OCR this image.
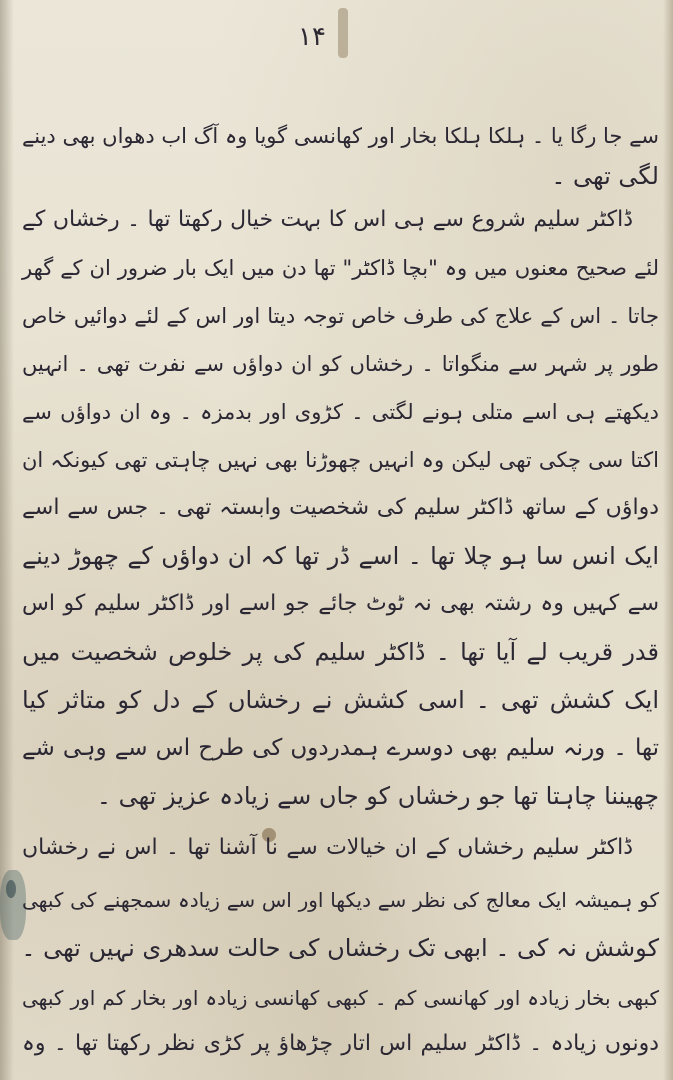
۱۴
سے جا رگا یا ۔ ہلکا ہلکا بخار اور کھانسی گویا وہ آگ اب دھواں بھی دینے
لگی تھی ۔
ڈاکٹر سلیم شروع سے ہی اس کا بہت خیال رکھتا تھا ۔ رخشاں کے
لئے صحیح معنوں میں وہ "بچا ڈاکٹر" تھا دن میں ایک بار ضرور ان کے گھر
جاتا ۔ اس کے علاج کی طرف خاص توجہ دیتا اور اس کے لئے دوائیں خاص
طور پر شہر سے منگواتا ۔ رخشاں کو ان دواؤں سے نفرت تھی ۔ انہیں
دیکھتے ہی اسے متلی ہونے لگتی ۔ کڑوی اور بدمزہ ۔ وہ ان دواؤں سے
اکتا سی چکی تھی لیکن وہ انہیں چھوڑنا بھی نہیں چاہتی تھی کیونکہ ان
دواؤں کے ساتھ ڈاکٹر سلیم کی شخصیت وابستہ تھی ۔ جس سے اسے
ایک انس سا ہو چلا تھا ۔ اسے ڈر تھا کہ ان دواؤں کے چھوڑ دینے
سے کہیں وہ رشتہ بھی نہ ٹوٹ جائے جو اسے اور ڈاکٹر سلیم کو اس
قدر قریب لے آیا تھا ۔ ڈاکٹر سلیم کی پر خلوص شخصیت میں
ایک کشش تھی ۔ اسی کشش نے رخشاں کے دل کو متاثر کیا
تھا ۔ ورنہ سلیم بھی دوسرے ہمدردوں کی طرح اس سے وہی شے
چھیننا چاہتا تھا جو رخشاں کو جاں سے زیادہ عزیز تھی ۔
ڈاکٹر سلیم رخشاں کے ان خیالات سے نا آشنا تھا ۔ اس نے رخشاں
کو ہمیشہ ایک معالج کی نظر سے دیکھا اور اس سے زیادہ سمجھنے کی کبھی
کوشش نہ کی ۔ ابھی تک رخشاں کی حالت سدھری نہیں تھی ۔
کبھی بخار زیادہ اور کھانسی کم ۔ کبھی کھانسی زیادہ اور بخار کم اور کبھی
دونوں زیادہ ۔ ڈاکٹر سلیم اس اتار چڑھاؤ پر کڑی نظر رکھتا تھا ۔ وہ
